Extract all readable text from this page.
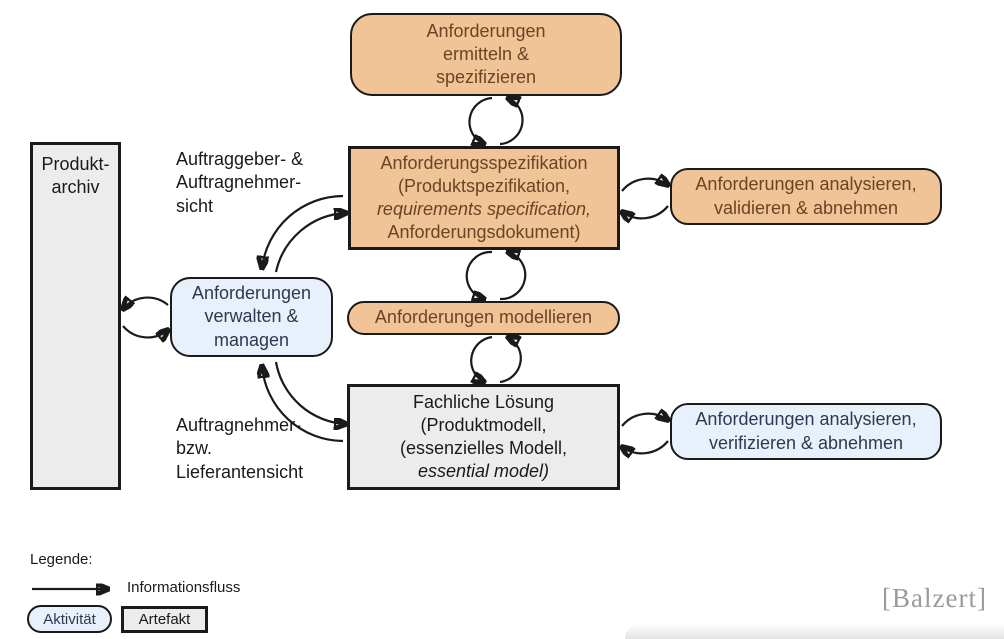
Produkt-
archiv
Anforderungen
ermitteln &
spezifizieren
Anforderungsspezifikation
(Produktspezifikation,
requirements specification,
Anforderungsdokument)
Anforderungen analysieren,
validieren & abnehmen
Anforderungen
verwalten &
managen
Anforderungen modellieren
Fachliche Lösung
(Produktmodell,
(essenzielles Modell,
essential model)
Anforderungen analysieren,
verifizieren & abnehmen
Auftraggeber- &
Auftragnehmer-
sicht
Auftragnehmer-
bzw.
Lieferantensicht
Legende:
Informationsfluss
Aktivität	Artefakt
[Balzert]
